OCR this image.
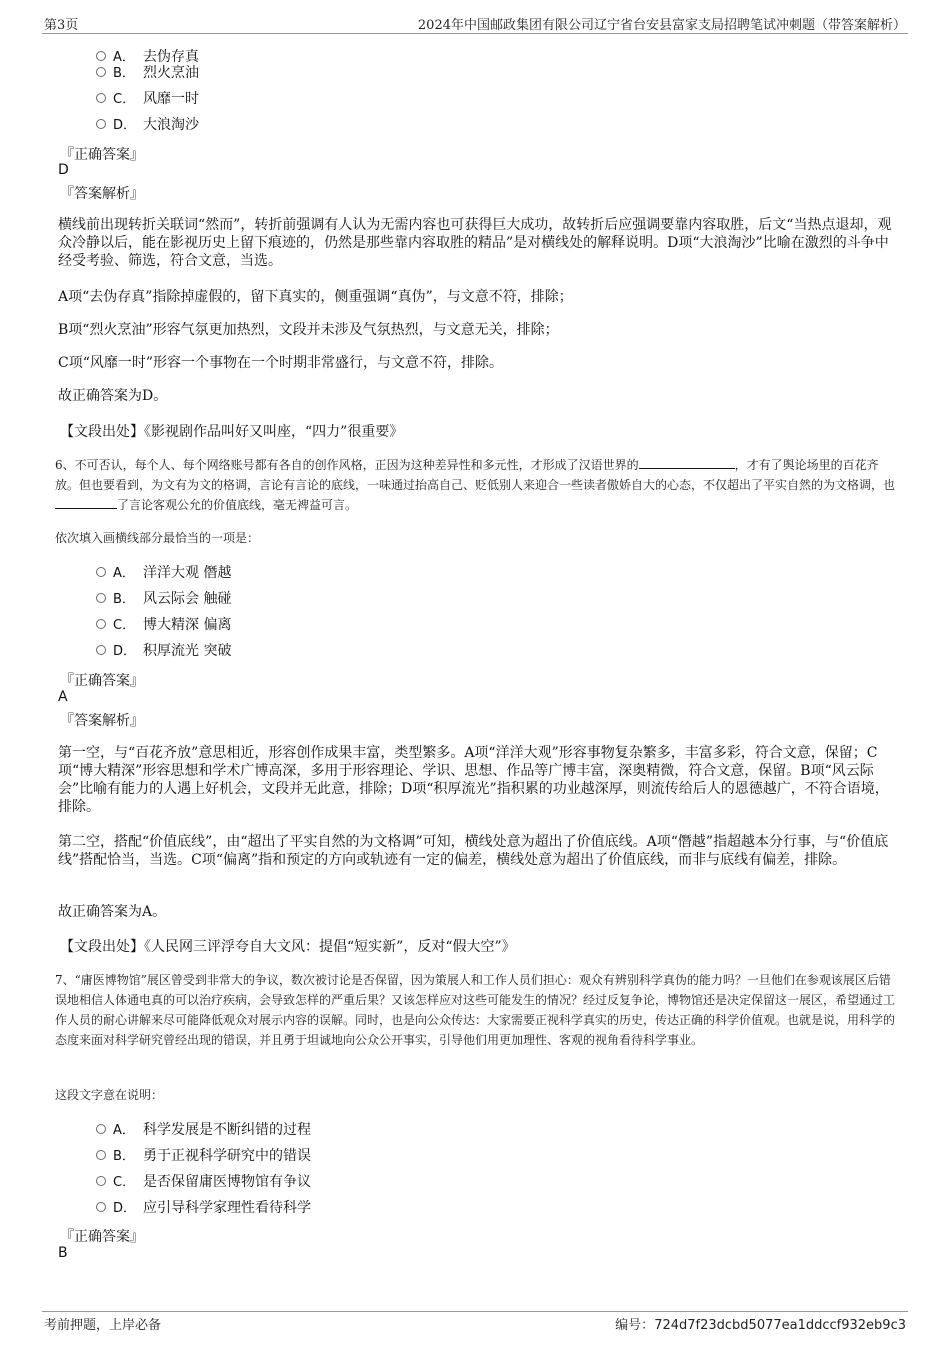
第3页	2024年中国邮政集团有限公司辽宁省台安县富家支局招聘笔试冲刺题（带答案解析）
A． 去伪存真
B． 烈火烹油
C． 风靡一时
D． 大浪淘沙
『正确答案』
D
『答案解析』
横线前出现转折关联词“然而”，转折前强调有人认为无需内容也可获得巨大成功，故转折后应强调要靠内容取胜，后文“当热点退却，观众冷静以后，能在影视历史上留下痕迹的，仍然是那些靠内容取胜的精品”是对横线处的解释说明。D项“大浪淘沙”比喻在激烈的斗争中经受考验、筛选，符合文意，当选。
A项“去伪存真”指除掉虚假的，留下真实的，侧重强调“真伪”，与文意不符，排除；
B项“烈火烹油”形容气氛更加热烈，文段并未涉及气氛热烈，与文意无关，排除；
C项“风靡一时”形容一个事物在一个时期非常盛行，与文意不符，排除。
故正确答案为D。
【文段出处】《影视剧作品叫好又叫座，“四力”很重要》
6、不可否认，每个人、每个网络账号都有各自的创作风格，正因为这种差异性和多元性，才形成了汉语世界的	，才有了舆论场里的百花齐放。但也要看到，为文有为文的格调，言论有言论的底线，一味通过抬高自己、贬低别人来迎合一些读者傲娇自大的心态，不仅超出了平实自然的为文格调，也了言论客观公允的价值底线，毫无裨益可言。
依次填入画横线部分最恰当的一项是：
A． 洋洋大观 僭越
B． 风云际会 触碰
C． 博大精深 偏离
D． 积厚流光 突破
『正确答案』
A
『答案解析』
第一空，与“百花齐放”意思相近，形容创作成果丰富，类型繁多。A项“洋洋大观”形容事物复杂繁多，丰富多彩，符合文意，保留；C项“博大精深”形容思想和学术广博高深，多用于形容理论、学识、思想、作品等广博丰富，深奥精微，符合文意，保留。B项“风云际会”比喻有能力的人遇上好机会，文段并无此意，排除；D项“积厚流光”指积累的功业越深厚，则流传给后人的恩德越广，不符合语境，排除。
第二空，搭配“价值底线”，由“超出了平实自然的为文格调”可知，横线处意为超出了价值底线。A项“僭越”指超越本分行事，与“价值底线”搭配恰当，当选。C项“偏离”指和预定的方向或轨迹有一定的偏差，横线处意为超出了价值底线，而非与底线有偏差，排除。
故正确答案为A。
【文段出处】《人民网三评浮夸自大文风：提倡“短实新”，反对“假大空”》
7、“庸医博物馆”展区曾受到非常大的争议，数次被讨论是否保留，因为策展人和工作人员们担心：观众有辨别科学真伪的能力吗？一旦他们在参观该展区后错误地相信人体通电真的可以治疗疾病，会导致怎样的严重后果？又该怎样应对这些可能发生的情况？经过反复争论，博物馆还是决定保留这一展区，希望通过工作人员的耐心讲解来尽可能降低观众对展示内容的误解。同时，也是向公众传达：大家需要正视科学真实的历史，传达正确的科学价值观。也就是说，用科学的态度来面对科学研究曾经出现的错误，并且勇于坦诚地向公众公开事实，引导他们用更加理性、客观的视角看待科学事业。
这段文字意在说明：
A． 科学发展是不断纠错的过程
B． 勇于正视科学研究中的错误
C． 是否保留庸医博物馆有争议
D． 应引导科学家理性看待科学
『正确答案』
B
考前押题，上岸必备	编号：724d7f23dcbd5077ea1ddccf932eb9c3
